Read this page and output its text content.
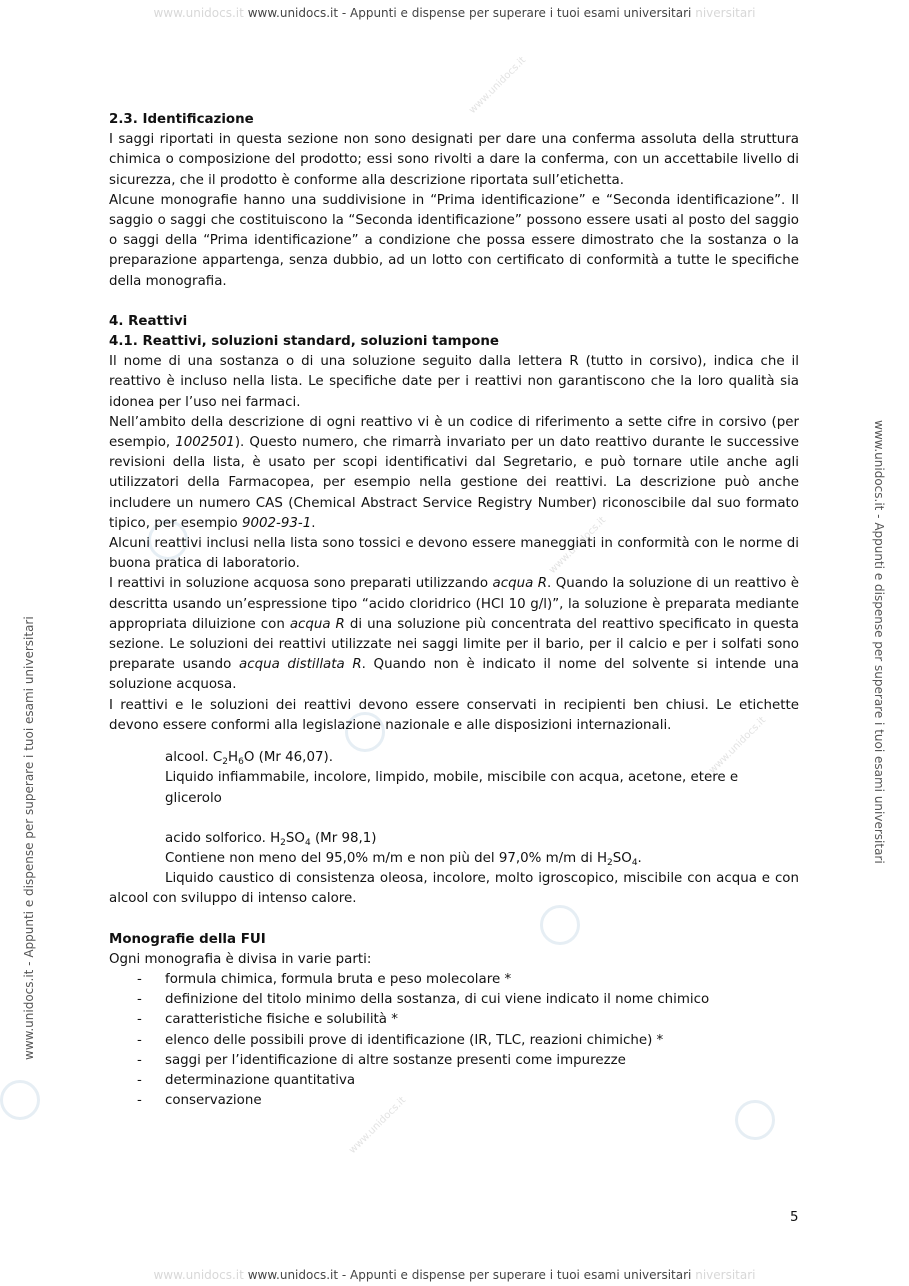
www.unidocs.it www.unidocs.it - Appunti e dispense per superare i tuoi esami universitari niversitari
www.unidocs.it - Appunti e dispense per superare i tuoi esami universitari	www.unidocs.it - Appunti e dispense per superare i tuoi esami universitari
www.unidocs.it
www.unidocs.it
www.unidocs.it
www.unidocs.it

2.3. Identificazione

I saggi riportati in questa sezione non sono designati per dare una conferma assoluta della struttura chimica o composizione del prodotto; essi sono rivolti a dare la conferma, con un accettabile livello di sicurezza, che il prodotto è conforme alla descrizione riportata sull’etichetta.

Alcune monografie hanno una suddivisione in “Prima identificazione” e “Seconda identificazione”. Il saggio o saggi che costituiscono la “Seconda identificazione” possono essere usati al posto del saggio o saggi della “Prima identificazione” a condizione che possa essere dimostrato che la sostanza o la preparazione appartenga, senza dubbio, ad un lotto con certificato di conformità a tutte le specifiche della monografia.

4. Reattivi

4.1. Reattivi, soluzioni standard, soluzioni tampone

Il nome di una sostanza o di una soluzione seguito dalla lettera R (tutto in corsivo), indica che il reattivo è incluso nella lista. Le specifiche date per i reattivi non garantiscono che la loro qualità sia idonea per l’uso nei farmaci.

Nell’ambito della descrizione di ogni reattivo vi è un codice di riferimento a sette cifre in corsivo (per esempio, 1002501). Questo numero, che rimarrà invariato per un dato reattivo durante le successive revisioni della lista, è usato per scopi identificativi dal Segretario, e può tornare utile anche agli utilizzatori della Farmacopea, per esempio nella gestione dei reattivi. La descrizione può anche includere un numero CAS (Chemical Abstract Service Registry Number) riconoscibile dal suo formato tipico, per esempio 9002-93-1.

Alcuni reattivi inclusi nella lista sono tossici e devono essere maneggiati in conformità con le norme di buona pratica di laboratorio.

I reattivi in soluzione acquosa sono preparati utilizzando acqua R. Quando la soluzione di un reattivo è descritta usando un’espressione tipo “acido cloridrico (HCl 10 g/l)”, la soluzione è preparata mediante appropriata diluizione con acqua R di una soluzione più concentrata del reattivo specificato in questa sezione. Le soluzioni dei reattivi utilizzate nei saggi limite per il bario, per il calcio e per i solfati sono preparate usando acqua distillata R. Quando non è indicato il nome del solvente si intende una soluzione acquosa.

I reattivi e le soluzioni dei reattivi devono essere conservati in recipienti ben chiusi. Le etichette devono essere conformi alla legislazione nazionale e alle disposizioni internazionali.

alcool. $C_2H_6O$ (Mr 46,07).

Liquido infiammabile, incolore, limpido, mobile, miscibile con acqua, acetone, etere e glicerolo

acido solforico. $H_2SO_4$ (Mr 98,1)

Contiene non meno del 95,0% m/m e non più del 97,0% m/m di $H_2SO_4$.

Liquido caustico di consistenza oleosa, incolore, molto igroscopico, miscibile con acqua e con alcool con sviluppo di intenso calore.

Monografie della FUI

Ogni monografia è divisa in varie parti:

- formula chimica, formula bruta e peso molecolare *
- definizione del titolo minimo della sostanza, di cui viene indicato il nome chimico
- caratteristiche fisiche e solubilità *
- elenco delle possibili prove di identificazione (IR, TLC, reazioni chimiche) *
- saggi per l’identificazione di altre sostanze presenti come impurezze
- determinazione quantitativa
- conservazione
5
www.unidocs.it www.unidocs.it - Appunti e dispense per superare i tuoi esami universitari niversitari
